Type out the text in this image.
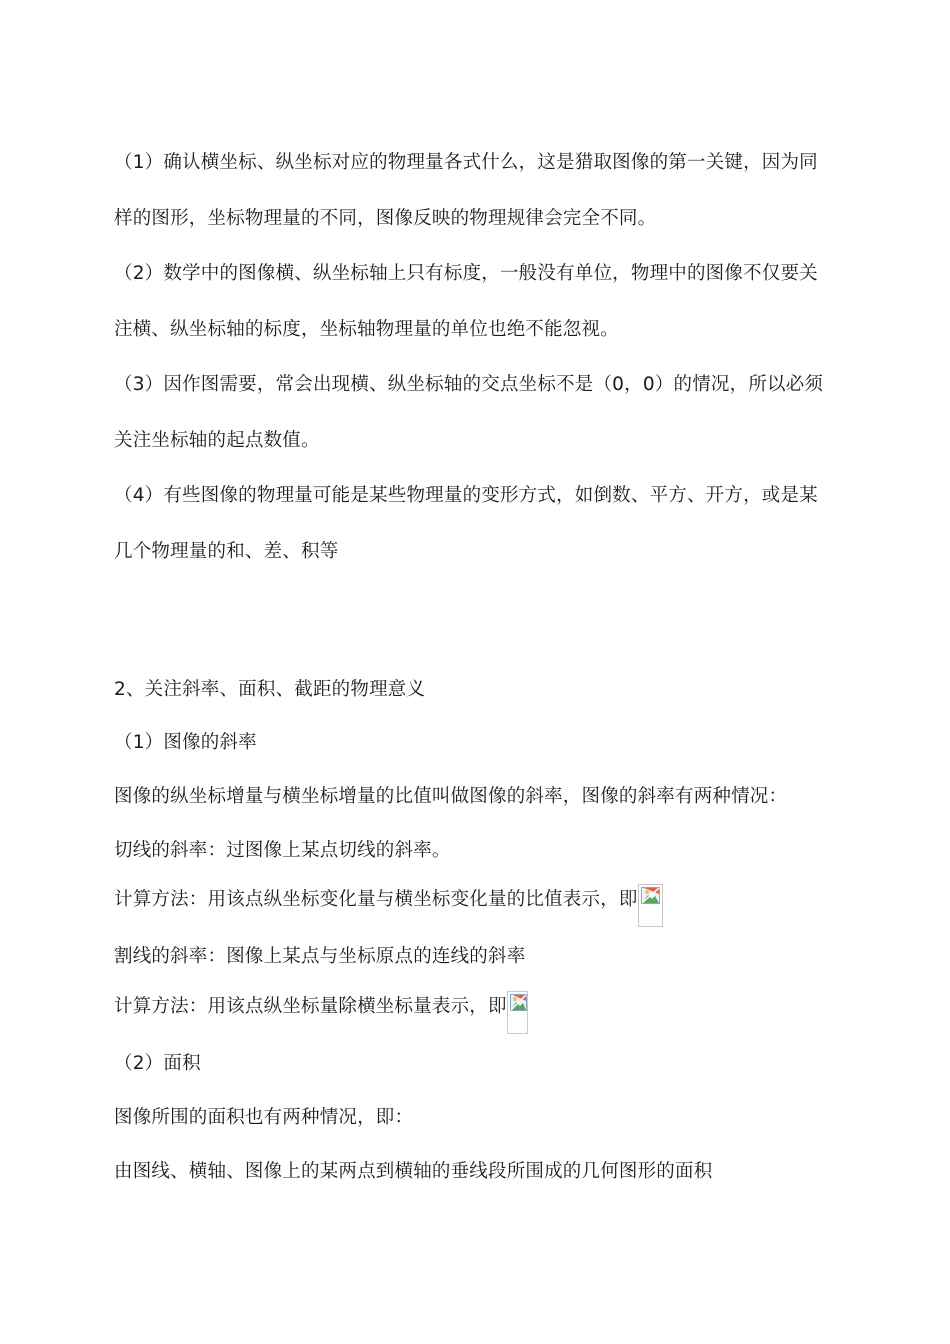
（1）确认横坐标、纵坐标对应的物理量各式什么，这是猎取图像的第一关键，因为同
样的图形，坐标物理量的不同，图像反映的物理规律会完全不同。
（2）数学中的图像横、纵坐标轴上只有标度，一般没有单位，物理中的图像不仅要关
注横、纵坐标轴的标度，坐标轴物理量的单位也绝不能忽视。
（3）因作图需要，常会出现横、纵坐标轴的交点坐标不是（0，0）的情况，所以必须
关注坐标轴的起点数值。
（4）有些图像的物理量可能是某些物理量的变形方式，如倒数、平方、开方，或是某
几个物理量的和、差、积等
2、关注斜率、面积、截距的物理意义
（1）图像的斜率
图像的纵坐标增量与横坐标增量的比值叫做图像的斜率，图像的斜率有两种情况：
切线的斜率：过图像上某点切线的斜率。
计算方法：用该点纵坐标变化量与横坐标变化量的比值表示，即
割线的斜率：图像上某点与坐标原点的连线的斜率
计算方法：用该点纵坐标量除横坐标量表示，即
（2）面积
图像所围的面积也有两种情况，即：
由图线、横轴、图像上的某两点到横轴的垂线段所围成的几何图形的面积
